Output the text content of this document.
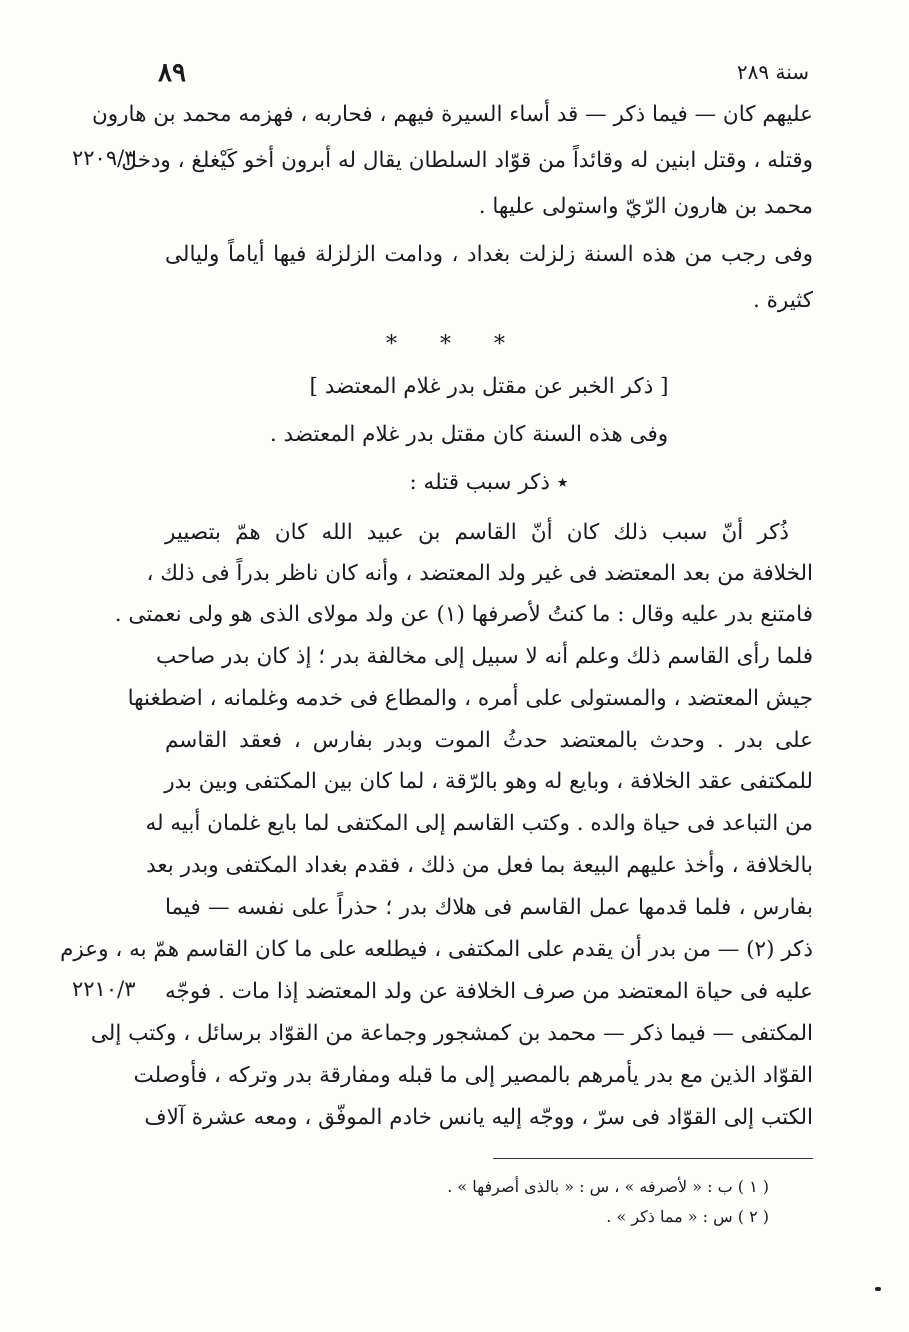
٨٩	سنة ٢٨٩
عليهم كان — فيما ذكر — قد أساء السيرة فيهم ، فحاربه ، فهزمه محمد بن هارون
وقتله ، وقتل ابنين له وقائداً من قوّاد السلطان يقال له أبرون أخو كَيْغلغ ، ودخل
٢٢٠٩/٣
محمد بن هارون الرّيّ واستولى عليها .
وفى رجب من هذه السنة زلزلت بغداد ، ودامت الزلزلة فيها أياماً وليالى
كثيرة .
* * *
[ ذكر الخبر عن مقتل بدر غلام المعتضد ]
وفى هذه السنة كان مقتل بدر غلام المعتضد .
٭ ذكر سبب قتله :
ذُكر أنّ سبب ذلك كان أنّ القاسم بن عبيد الله كان همّ بتصيير
الخلافة من بعد المعتضد فى غير ولد المعتضد ، وأنه كان ناظر بدراً فى ذلك ،
فامتنع بدر عليه وقال : ما كنتُ لأصرفها (١) عن ولد مولاى الذى هو ولى نعمتى .
فلما رأى القاسم ذلك وعلم أنه لا سبيل إلى مخالفة بدر ؛ إذ كان بدر صاحب
جيش المعتضد ، والمستولى على أمره ، والمطاع فى خدمه وغلمانه ، اضطغنها
على بدر . وحدث بالمعتضد حدثُ الموت وبدر بفارس ، فعقد القاسم
للمكتفى عقد الخلافة ، وبايع له وهو بالرّقة ، لما كان بين المكتفى وبين بدر
من التباعد فى حياة والده . وكتب القاسم إلى المكتفى لما بايع غلمان أبيه له
بالخلافة ، وأخذ عليهم البيعة بما فعل من ذلك ، فقدم بغداد المكتفى وبدر بعد
بفارس ، فلما قدمها عمل القاسم فى هلاك بدر ؛ حذراً على نفسه — فيما
ذكر (٢) — من بدر أن يقدم على المكتفى ، فيطلعه على ما كان القاسم همّ به ، وعزم
عليه فى حياة المعتضد من صرف الخلافة عن ولد المعتضد إذا مات . فوجّه
٢٢١٠/٣
المكتفى — فيما ذكر — محمد بن كمشجور وجماعة من القوّاد برسائل ، وكتب إلى
القوّاد الذين مع بدر يأمرهم بالمصير إلى ما قبله ومفارقة بدر وتركه ، فأوصلت
الكتب إلى القوّاد فى سرّ ، ووجّه إليه يانس خادم الموفّق ، ومعه عشرة آلاف
( ١ ) ب : « لأصرفه » ، س : « بالذى أصرفها » .
( ٢ ) س : « مما ذكر » .
